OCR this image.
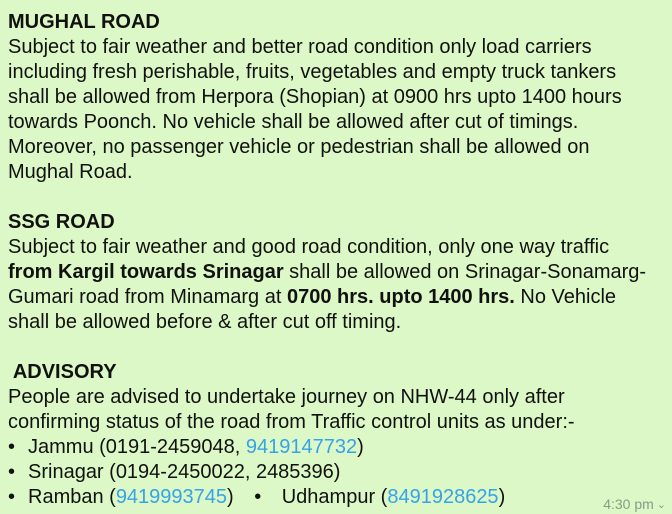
MUGHAL ROAD
Subject to fair weather and better road condition only load carriers
including fresh perishable, fruits, vegetables and empty truck tankers
shall be allowed from Herpora (Shopian) at 0900 hrs upto 1400 hours
towards Poonch. No vehicle shall be allowed after cut of timings.
Moreover, no passenger vehicle or pedestrian shall be allowed on
Mughal Road.
SSG ROAD
Subject to fair weather and good road condition, only one way traffic
from Kargil towards Srinagar shall be allowed on Srinagar-Sonamarg-
Gumari road from Minamarg at 0700 hrs. upto 1400 hrs. No Vehicle
shall be allowed before & after cut off timing.
ADVISORY
People are advised to undertake journey on NHW-44 only after
confirming status of the road from Traffic control units as under:-
• Jammu (0191-2459048, 9419147732)
• Srinagar (0194-2450022, 2485396)
• Ramban (9419993745)	•	Udhampur (8491928625)	4:30 pm ⌄
